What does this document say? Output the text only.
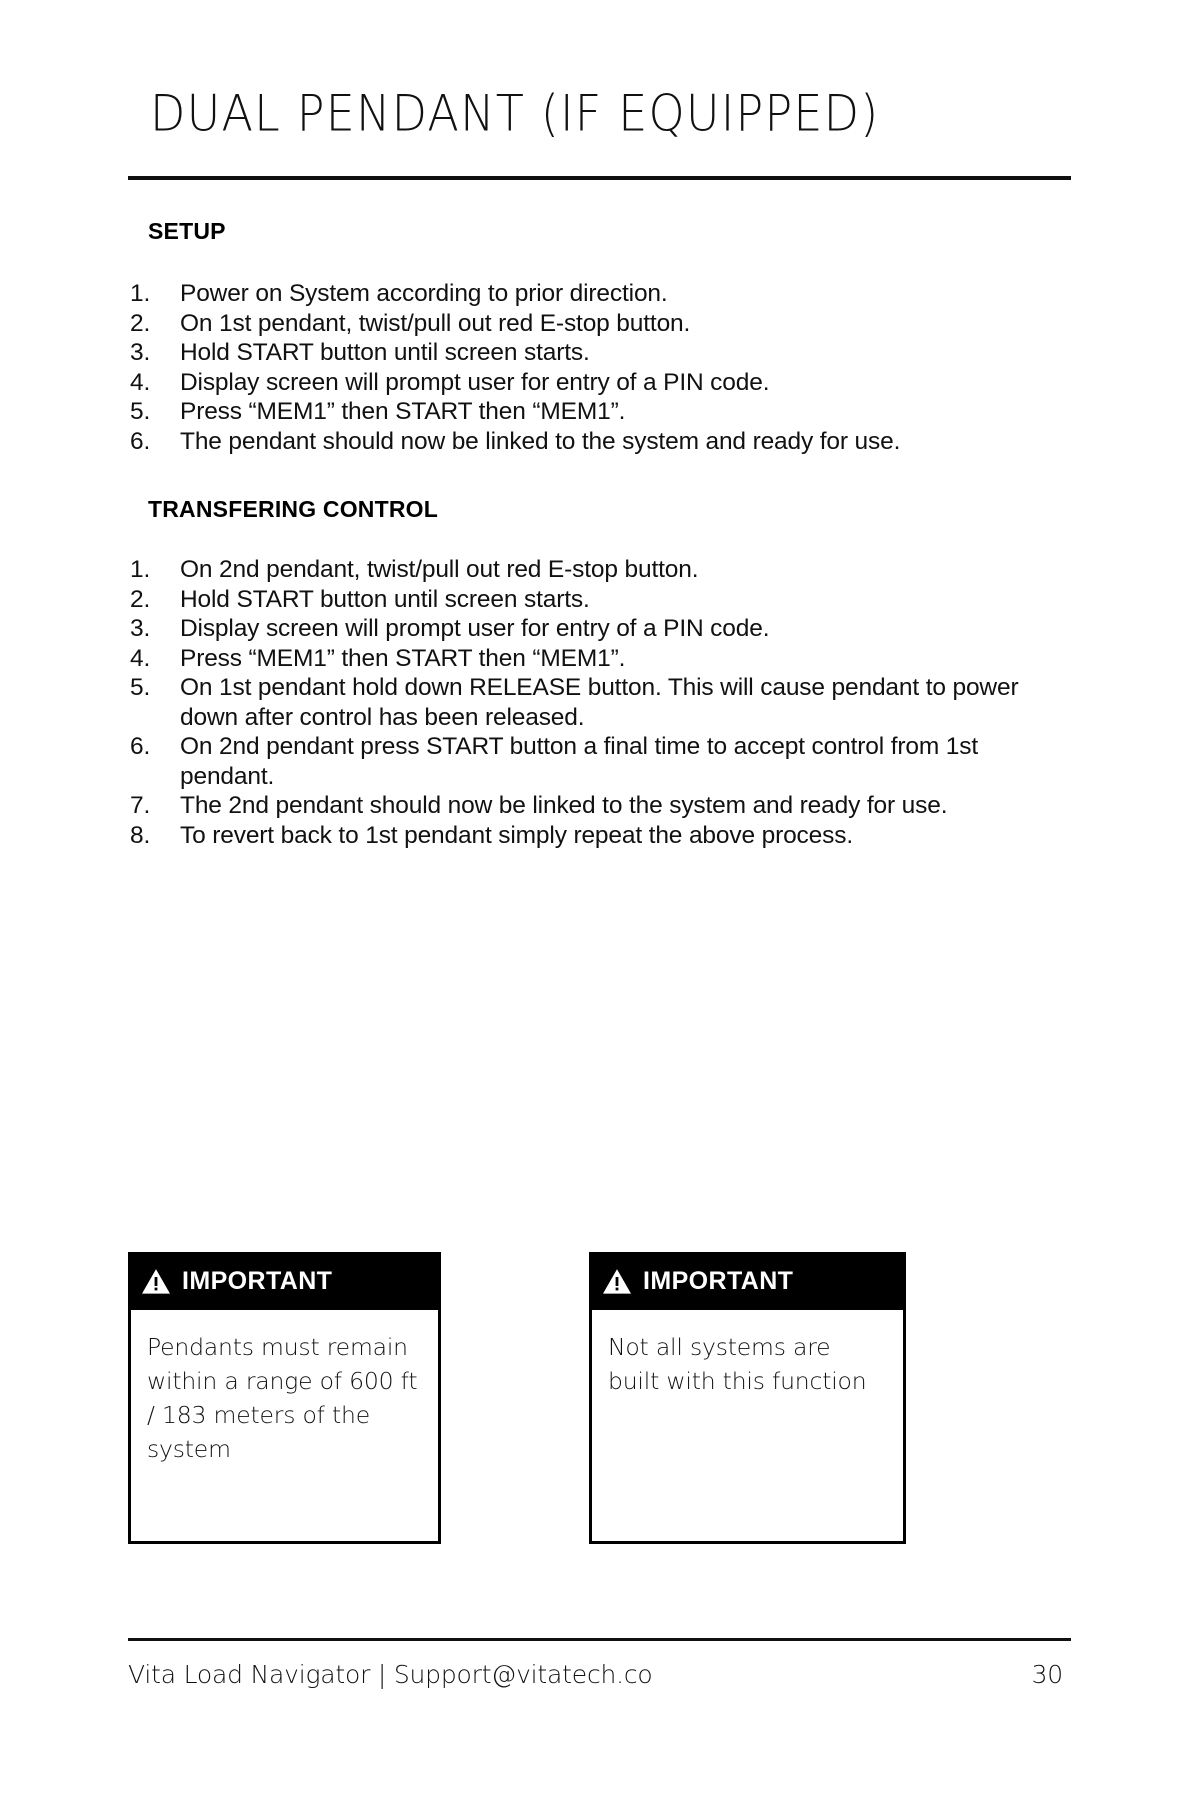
DUAL PENDANT (IF EQUIPPED)
SETUP
Power on System according to prior direction.
On 1st pendant, twist/pull out red E-stop button.
Hold START button until screen starts.
Display screen will prompt user for entry of a PIN code.
Press “MEM1” then START then “MEM1”.
The pendant should now be linked to the system and ready for use.
TRANSFERING CONTROL
On 2nd pendant, twist/pull out red E-stop button.
Hold START button until screen starts.
Display screen will prompt user for entry of a PIN code.
Press “MEM1” then START then “MEM1”.
On 1st pendant hold down RELEASE button. This will cause pendant to power down after control has been released.
On 2nd pendant press START button a final time to accept control from 1st pendant.
The 2nd pendant should now be linked to the system and ready for use.
To revert back to 1st pendant simply repeat the above process.
IMPORTANT
Pendants must remain within a range of 600 ft / 183 meters of the system
IMPORTANT
Not all systems are built with this function
Vita Load Navigator | Support@vitatech.co	30
